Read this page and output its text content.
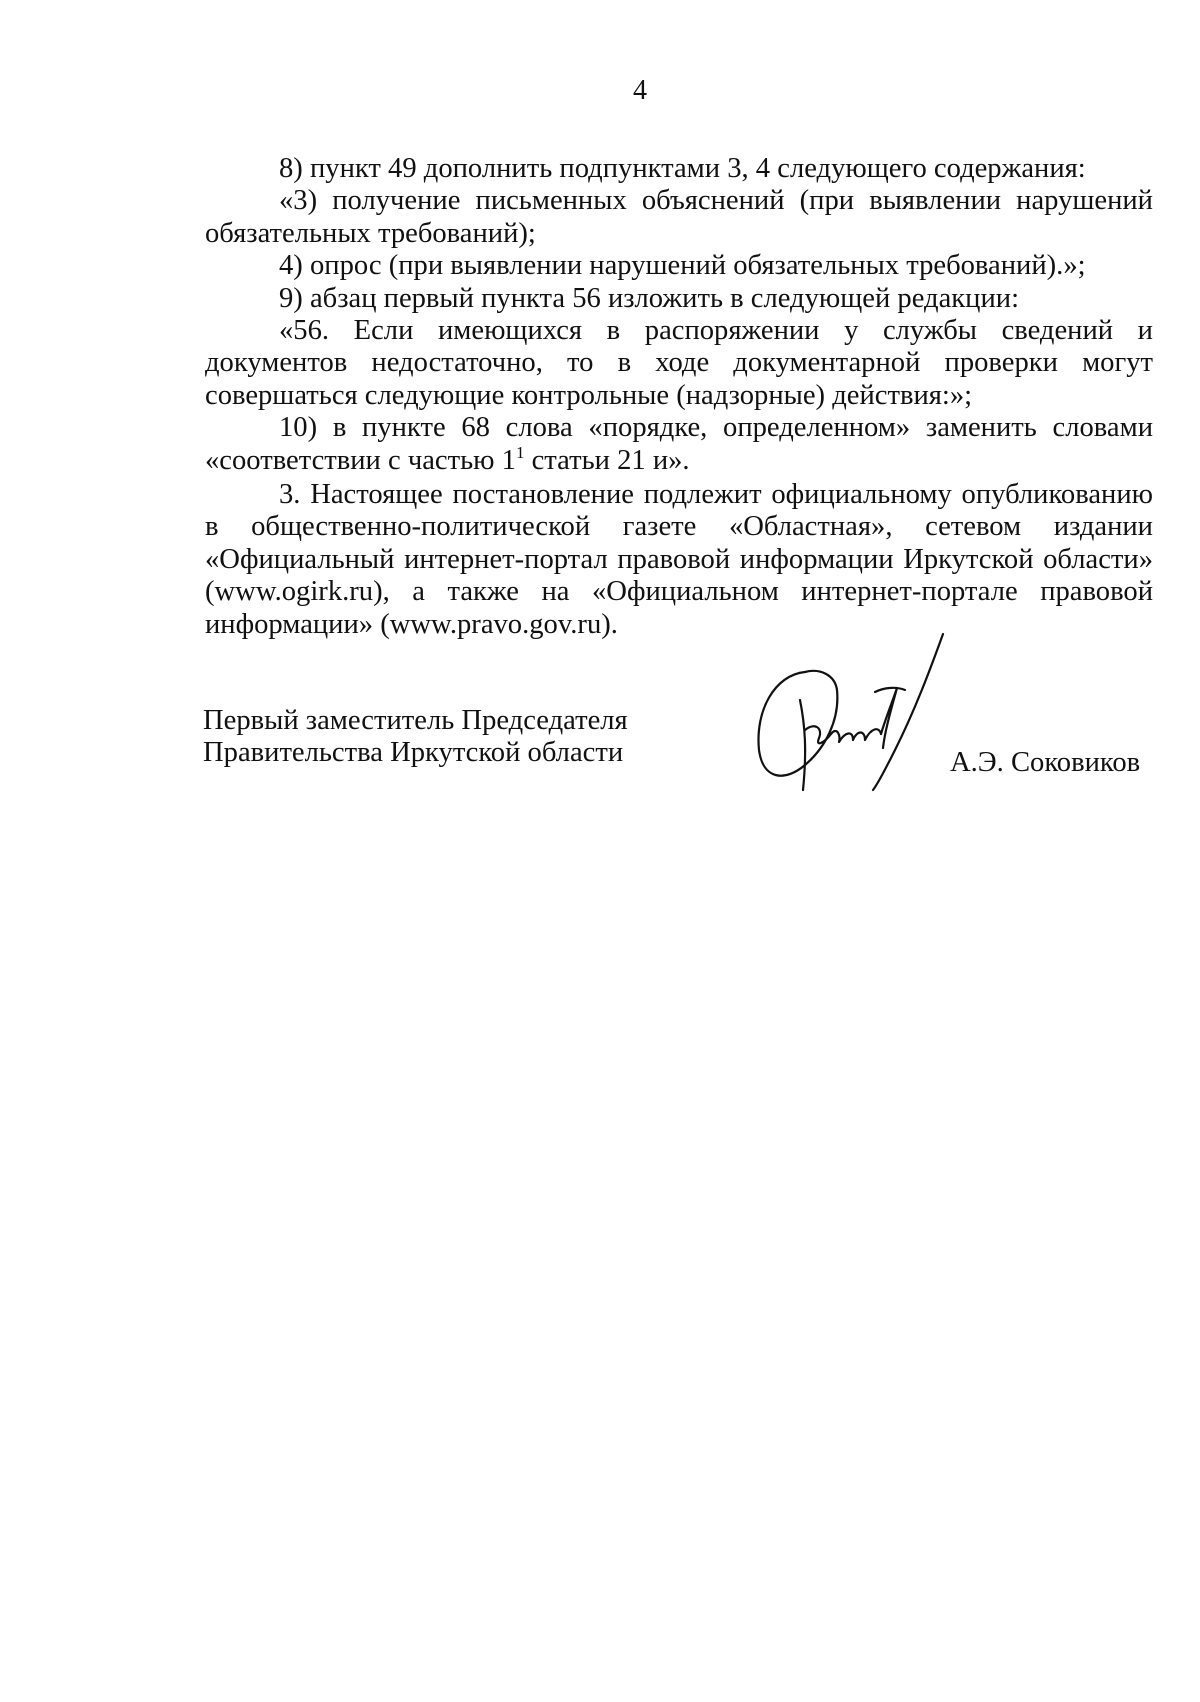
4

8) пункт 49 дополнить подпунктами 3, 4 следующего содержания:

«3) получение письменных объяснений (при выявлении нарушений обязательных требований);

4) опрос (при выявлении нарушений обязательных требований).»;

9) абзац первый пункта 56 изложить в следующей редакции:

«56. Если имеющихся в распоряжении у службы сведений и документов недостаточно, то в ходе документарной проверки могут совершаться следующие контрольные (надзорные) действия:»;

10) в пункте 68 слова «порядке, определенном» заменить словами «соответствии с частью $1^1$ статьи 21 и».

3. Настоящее постановление подлежит официальному опубликованию в общественно-политической газете «Областная», сетевом издании «Официальный интернет-портал правовой информации Иркутской области» (www.ogirk.ru), а также на «Официальном интернет-портале правовой информации» (www.pravo.gov.ru).

Первый заместитель Председателя
Правительства Иркутской области	А.Э. Соковиков
